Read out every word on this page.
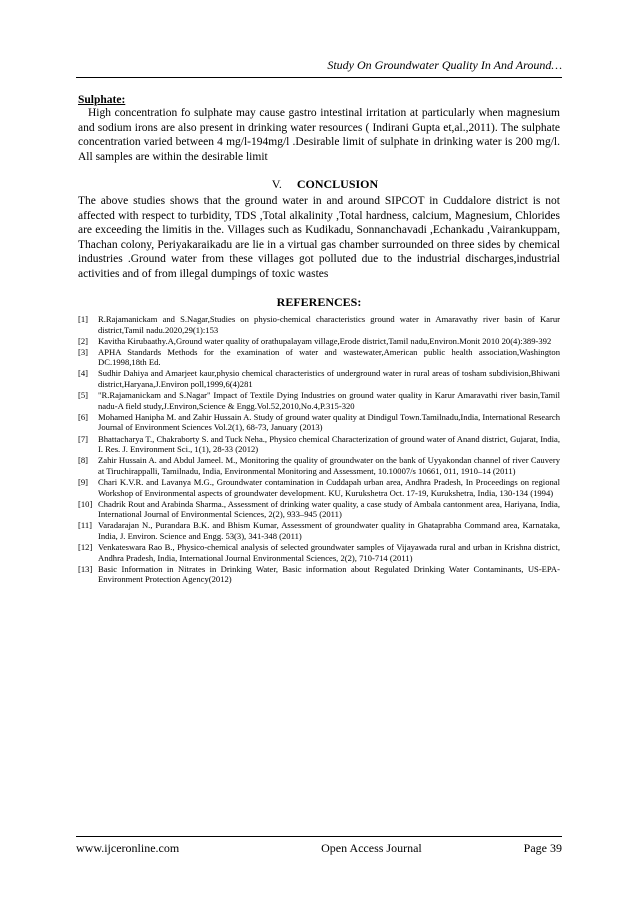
Study On Groundwater Quality In And Around…
Sulphate:

High concentration fo sulphate may cause gastro intestinal irritation at particularly when magnesium and sodium irons are also present in drinking water resources ( Indirani Gupta et,al.,2011). The sulphate concentration varied between 4 mg/l-194mg/l .Desirable limit of sulphate in drinking water is 200 mg/l. All samples are within the desirable limit

V. CONCLUSION

The above studies shows that the ground water in and around SIPCOT in Cuddalore district is not affected with respect to turbidity, TDS ,Total alkalinity ,Total hardness, calcium, Magnesium, Chlorides are exceeding the limitis in the. Villages such as Kudikadu, Sonnanchavadi ,Echankadu ,Vairankuppam, Thachan colony, Periyakaraikadu are lie in a virtual gas chamber surrounded on three sides by chemical industries .Ground water from these villages got polluted due to the industrial discharges,industrial activities and of from illegal dumpings of toxic wastes

REFERENCES:
[1]	R.Rajamanickam and S.Nagar,Studies on physio-chemical characteristics ground water in Amaravathy river basin of Karur district,Tamil nadu.2020,29(1):153
[2]	Kavitha Kirubaathy.A,Ground water quality of orathupalayam village,Erode district,Tamil nadu,Environ.Monit 2010 20(4):389-392
[3]	APHA Standards Methods for the examination of water and wastewater,American public health association,Washington DC.1998,18th Ed.
[4]	Sudhir Dahiya and Amarjeet kaur,physio chemical characteristics of underground water in rural areas of tosham subdivision,Bhiwani district,Haryana,J.Environ poll,1999,6(4)281
[5]	"R.Rajamanickam and S.Nagar" Impact of Textile Dying Industries on ground water quality in Karur Amaravathi river basin,Tamil nadu-A field study,J.Environ,Science & Engg.Vol.52,2010,No.4,P.315-320
[6]	Mohamed Hanipha M. and Zahir Hussain A. Study of ground water quality at Dindigul Town.Tamilnadu,India, International Research Journal of Environment Sciences Vol.2(1), 68-73, January (2013)
[7]	Bhattacharya T., Chakraborty S. and Tuck Neha., Physico chemical Characterization of ground water of Anand district, Gujarat, India, I. Res. J. Environment Sci., 1(1), 28-33 (2012)
[8]	Zahir Hussain A. and Abdul Jameel. M., Monitoring the quality of groundwater on the bank of Uyyakondan channel of river Cauvery at Tiruchirappalli, Tamilnadu, India, Environmental Monitoring and Assessment, 10.10007/s 10661, 011, 1910–14 (2011)
[9]	Chari K.V.R. and Lavanya M.G., Groundwater contamination in Cuddapah urban area, Andhra Pradesh, In Proceedings on regional Workshop of Environmental aspects of groundwater development. KU, Kurukshetra Oct. 17-19, Kurukshetra, India, 130-134 (1994)
[10] Chadrik Rout and Arabinda Sharma., Assessment of drinking water quality, a case study of Ambala cantonment area, Hariyana, India, International Journal of Environmental Sciences, 2(2), 933–945 (2011)
[11] Varadarajan N., Purandara B.K. and Bhism Kumar, Assessment of groundwater quality in Ghataprabha Command area, Karnataka, India, J. Environ. Science and Engg. 53(3), 341-348 (2011)
[12] Venkateswara Rao B., Physico-chemical analysis of selected groundwater samples of Vijayawada rural and urban in Krishna district, Andhra Pradesh, India, International Journal Environmental Sciences, 2(2), 710-714 (2011)
[13] Basic Information in Nitrates in Drinking Water, Basic information about Regulated Drinking Water Contaminants, US-EPA-Environment Protection Agency(2012)
www.ijceronline.com	Open Access Journal	Page 39
